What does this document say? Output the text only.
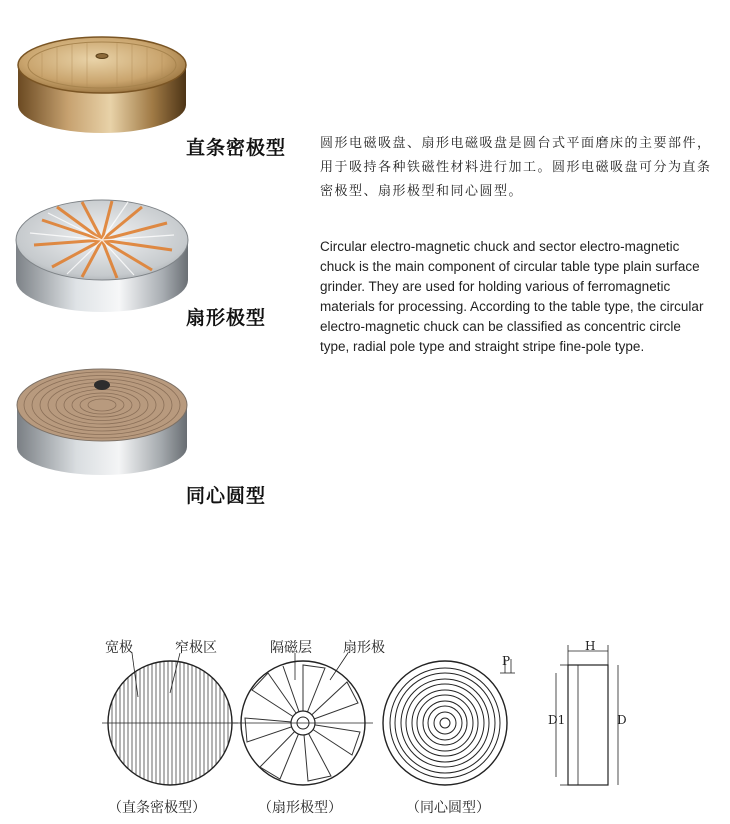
直条密极型
扇形极型
同心圆型
圆形电磁吸盘、扇形电磁吸盘是圆台式平面磨床的主要部件，用于吸持各种铁磁性材料进行加工。圆形电磁吸盘可分为直条密极型、扇形极型和同心圆型。
Circular electro-magnetic chuck and sector electro-magnetic chuck is the main component of circular table type plain surface grinder. They are used for holding various of ferromagnetic materials for processing. According to the table type, the circular electro-magnetic chuck can be classified as concentric circle type, radial pole type and straight stripe fine-pole type.
宽极	窄极区	隔磁层 扇形极
P
H
D1	D
（直条密极型）	（扇形极型）	（同心圆型）
